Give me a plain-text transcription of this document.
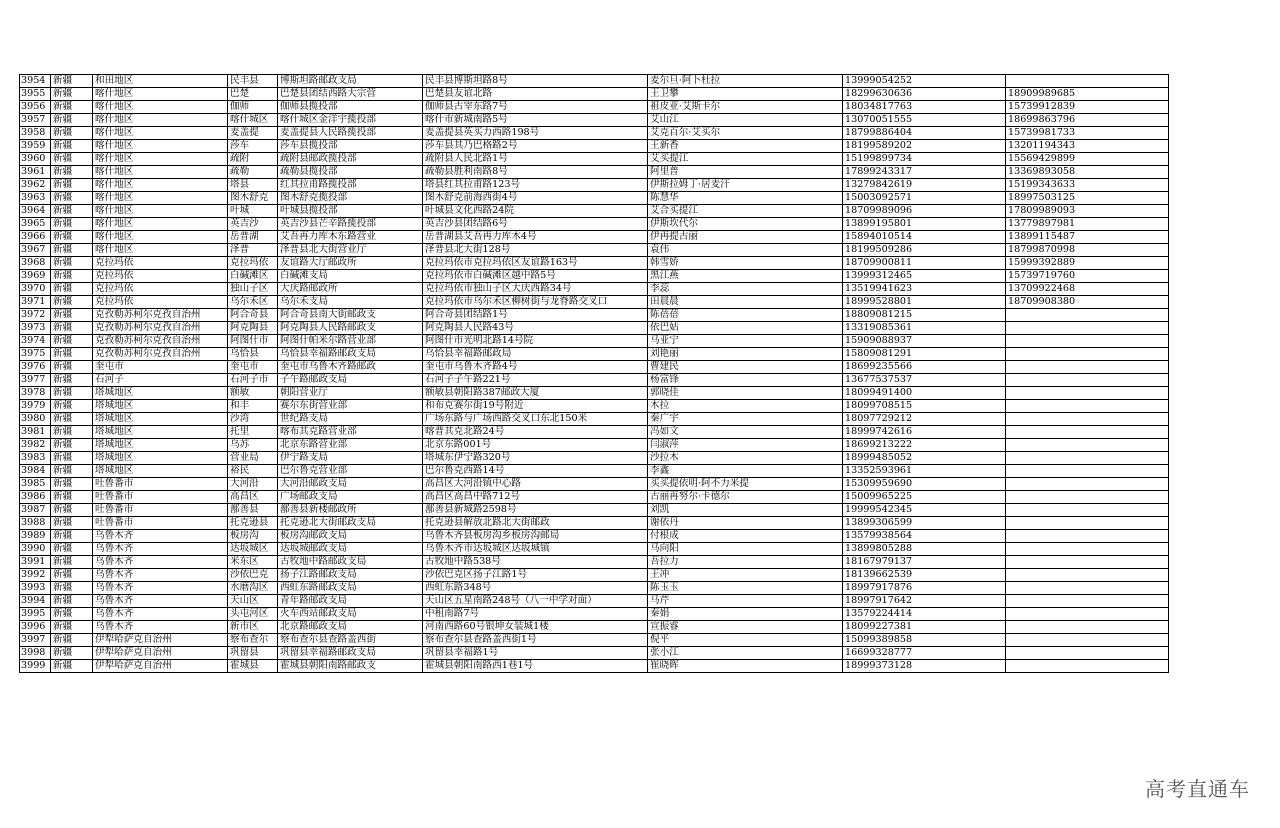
3954	新疆	和田地区	民丰县	博斯坦路邮政支局	民丰县博斯坦路8号	麦尔旦·阿卜杜拉	13999054252	
3955	新疆	喀什地区	巴楚	巴楚县团结西路大宗营	巴楚县友谊北路	王卫攀	18299630636	18909989685
3956	新疆	喀什地区	伽师	伽师县揽投部	伽师县古宰东路7号	祖皮亚·艾斯卡尔	18034817763	15739912839
3957	新疆	喀什地区	喀什城区	喀什城区金洋宇揽投部	喀什市新城南路5号	艾山江	13070051555	18699863796
3958	新疆	喀什地区	麦盖提	麦盖提县人民路揽投部	麦盖提县英买力西路198号	艾克百尔·艾买尔	18799886404	15739981733
3959	新疆	喀什地区	莎车	莎车县揽投部	莎车县其乃巴格路2号	王新香	18199589202	13201194343
3960	新疆	喀什地区	疏附	疏附县邮政揽投部	疏附县人民北路1号	艾买提江	15199899734	15569429899
3961	新疆	喀什地区	疏勒	疏勒县揽投部	疏勒县胜利南路8号	阿里普	17899243317	13369893058
3962	新疆	喀什地区	塔县	红其拉甫路揽投部	塔县红其拉甫路123号	伊斯拉姆丁·居麦汗	13279842619	15199343633
3963	新疆	喀什地区	图木舒克	图木舒克揽投部	图木舒克前海西街4号	陈慧华	15003092571	18997503125
3964	新疆	喀什地区	叶城	叶城县揽投部	叶城县文化西路24院	艾合买提江	18709989096	17809989093
3965	新疆	喀什地区	英吉沙	英吉沙县芒辛路揽投部	英吉沙县团结路6号	伊斯坎代尔	13899195801	13779897981
3966	新疆	喀什地区	岳普湖	艾吾再力库木东路营业	岳普湖县艾吾再力库木4号	伊再提古丽	15894010514	13899115487
3967	新疆	喀什地区	泽普	泽普县北大街营业厅	泽普县北大街128号	袁伟	18199509286	18799870998
3968	新疆	克拉玛依	克拉玛依	友谊路大厅邮政所	克拉玛依市克拉玛依区友谊路163号	韩雪娇	18709900811	15999392889
3969	新疆	克拉玛依	白碱滩区	白碱滩支局	克拉玛依市白碱滩区越中路5号	黑江燕	13999312465	15739719760
3970	新疆	克拉玛依	独山子区	大庆路邮政所	克拉玛依市独山子区大庆西路34号	李蕊	13519941623	13709922468
3971	新疆	克拉玛依	乌尔禾区	乌尔禾支局	克拉玛依市乌尔禾区柳树街与龙脊路交叉口	田晨晨	18999528801	18709908380
3972	新疆	克孜勒苏柯尔克孜自治州	阿合奇县	阿合奇县南大街邮政支	阿合奇县团结路1号	陈蓓蓓	18809081215	
3973	新疆	克孜勒苏柯尔克孜自治州	阿克陶县	阿克陶县人民路邮政支	阿克陶县人民路43号	依巴姑	13319085361	
3974	新疆	克孜勒苏柯尔克孜自治州	阿图什市	阿图什帕米尔路营业部	阿图什市光明北路14号院	马亚宁	15909088937	
3975	新疆	克孜勒苏柯尔克孜自治州	乌恰县	乌恰县幸福路邮政支局	乌恰县幸福路邮政局	刘艳丽	15809081291	
3976	新疆	奎屯市	奎屯市	奎屯市乌鲁木齐路邮政	奎屯市乌鲁木齐路4号	曹建民	18699235566	
3977	新疆	石河子	石河子市	子午路邮政支局	石河子子午路221号	杨富锋	13677537537	
3978	新疆	塔城地区	额敏	朝阳营业厅	额敏县朝阳路387邮政大厦	郭晓佳	18099491400	
3979	新疆	塔城地区	和丰	赛尔东街营业部	和布克赛尔街19号附近	木拉	18099708515	
3980	新疆	塔城地区	沙湾	世纪路支局	广场东路与广场西路交叉口东北150米	秦广宇	18097729212	
3981	新疆	塔城地区	托里	喀布其克路营业部	喀普其克北路24号	冯如文	18999742616	
3982	新疆	塔城地区	乌苏	北京东路营业部	北京东路001号	闫淑萍	18699213222	
3983	新疆	塔城地区	营业局	伊宁路支局	塔城东伊宁路320号	沙拉木	18999485052	
3984	新疆	塔城地区	裕民	巴尔鲁克营业部	巴尔鲁克西路14号	李鑫	13352593961	
3985	新疆	吐鲁番市	大河沿	大河沿邮政支局	高昌区大河沿镇中心路	买买提依明·阿不力米提	15309959690	
3986	新疆	吐鲁番市	高昌区	广场邮政支局	高昌区高昌中路712号	古丽再努尔·卡德尔	15009965225	
3987	新疆	吐鲁番市	鄯善县	鄯善县新楼邮政所	鄯善县新城路2598号	刘凯	19999542345	
3988	新疆	吐鲁番市	托克逊县	托克逊北大街邮政支局	托克逊县解放北路北大街邮政	谢依丹	13899306599	
3989	新疆	乌鲁木齐	板房沟	板房沟邮政支局	乌鲁木齐县板房沟乡板房沟邮局	付根成	13579938564	
3990	新疆	乌鲁木齐	达坂城区	达坂城邮政支局	乌鲁木齐市达坂城区达坂城镇	马向阳	13899805288	
3991	新疆	乌鲁木齐	米东区	古牧地中路邮政支局	古牧地中路538号	吾拉力	18167979137	
3992	新疆	乌鲁木齐	沙依巴克	扬子江路邮政支局	沙依巴克区扬子江路1号	王冲	18139662539	
3993	新疆	乌鲁木齐	水磨沟区	西虹东路邮政支局	西虹东路348号	陈玉玉	18997917876	
3994	新疆	乌鲁木齐	天山区	青年路邮政支局	天山区五星南路248号（八一中学对面）	马芹	18997917642	
3995	新疆	乌鲁木齐	头屯河区	火车西站邮政支局	中租南路7号	秦娟	13579224414	
3996	新疆	乌鲁木齐	新市区	北京路邮政支局	河南西路60号银坤女装城1楼	宣振睿	18099227381	
3997	新疆	伊犁哈萨克自治州	察布查尔	察布查尔县查路盖西街	察布查尔县查路盖西街1号	倪平	15099389858	
3998	新疆	伊犁哈萨克自治州	巩留县	巩留县幸福路邮政支局	巩留县幸福路1号	张小江	16699328777	
3999	新疆	伊犁哈萨克自治州	霍城县	霍城县朝阳南路邮政支	霍城县朝阳南路西1巷1号	崔晓晖	18999373128	
高考直通车
